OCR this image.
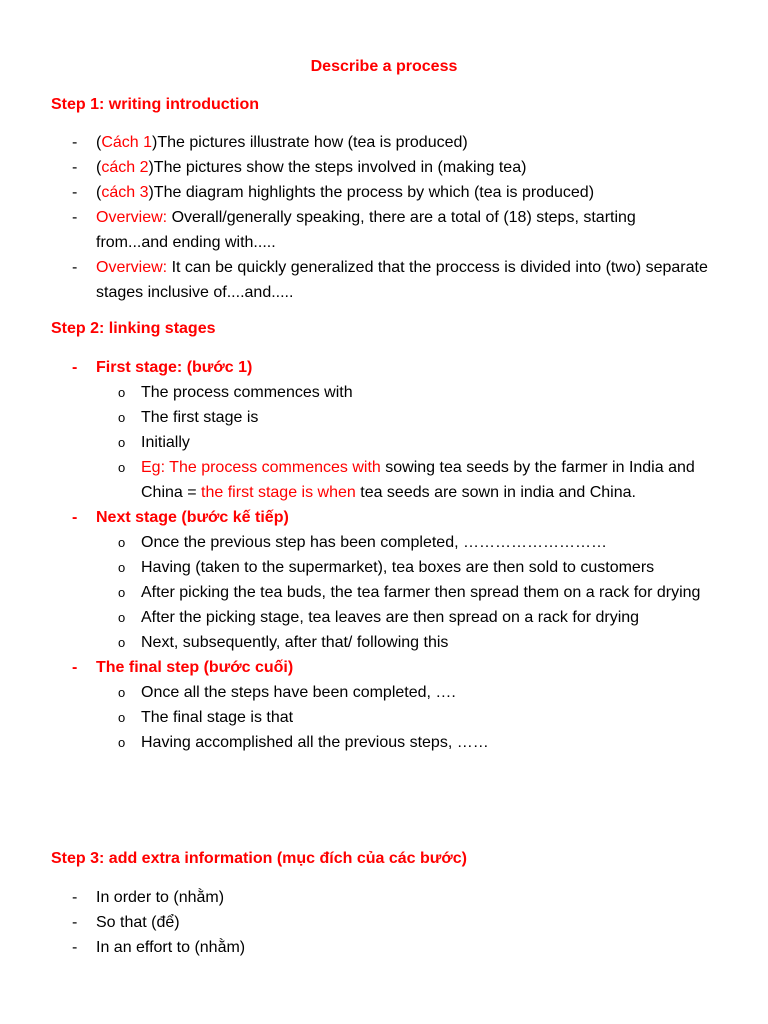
Describe a process
Step 1: writing introduction
- (Cách 1)The pictures illustrate how (tea is produced)
- (cách 2)The pictures show the steps involved in (making tea)
- (cách 3)The diagram highlights the process by which (tea is produced)
- Overview: Overall/generally speaking, there are a total of (18) steps, starting from...and ending with.....
- Overview: It can be quickly generalized that the proccess is divided into (two) separate stages inclusive of....and.....
Step 2: linking stages
- First stage: (bước 1)
o The process commences with
o The first stage is
o Initially
o Eg: The process commences with sowing tea seeds by the farmer in India and China = the first stage is when tea seeds are sown in india and China.
- Next stage (bước kế tiếp)
o Once the previous step has been completed, ………………………
o Having (taken to the supermarket), tea boxes are then sold to customers
o After picking the tea buds, the tea farmer then spread them on a rack for drying
o After the picking stage, tea leaves are then spread on a rack for drying
o Next, subsequently, after that/ following this
- The final step (bước cuối)
o Once all the steps have been completed, ….
o The final stage is that
o Having accomplished all the previous steps, ……
Step 3: add extra information (mục đích của các bước)
- In order to (nhằm)
- So that (để)
- In an effort to (nhằm)
